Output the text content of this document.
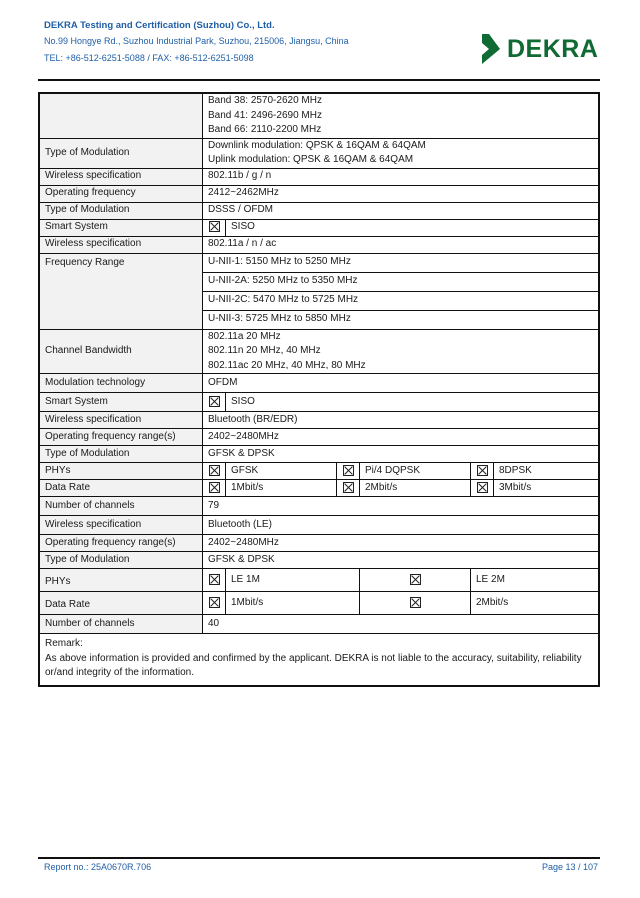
DEKRA Testing and Certification (Suzhou) Co., Ltd.

No.99 Hongye Rd., Suzhou Industrial Park, Suzhou, 215006, Jiangsu, China

TEL: +86-512-6251-5088 / FAX: +86-512-6251-5098	DEKRA

	Band 38: 2570-2620 MHz
Band 41: 2496-2690 MHz
Band 66: 2110-2200 MHz					

Type of Modulation	Downlink modulation: QPSK & 16QAM & 64QAM
Uplink modulation: QPSK & 16QAM & 64QAM					

Wireless specification	802.11b / g / n					
Operating frequency	2412~2462MHz					
Type of Modulation	DSSS / OFDM					
Smart System		SISO				
Wireless specification	802.11a / n / ac					
Frequency Range	U-NII-1: 5150 MHz to 5250 MHz					
	U-NII-2A: 5250 MHz to 5350 MHz					
	U-NII-2C: 5470 MHz to 5725 MHz					
	U-NII-3: 5725 MHz to 5850 MHz					
Channel Bandwidth	802.11a 20 MHz
802.11n 20 MHz, 40 MHz
802.11ac 20 MHz, 40 MHz, 80 MHz					

Modulation technology	OFDM					
Smart System		SISO				
Wireless specification	Bluetooth (BR/EDR)					
Operating frequency range(s)	2402~2480MHz					
Type of Modulation	GFSK & DPSK					
PHYs		GFSK		Pi/4 DQPSK		8DPSK
Data Rate		1Mbit/s		2Mbit/s		3Mbit/s
Number of channels	79					
Wireless specification	Bluetooth (LE)					
Operating frequency range(s)	2402~2480MHz					
Type of Modulation	GFSK & DPSK					
PHYs		LE 1M			LE 2M	
Data Rate		1Mbit/s			2Mbit/s	
Number of channels	40					

Remark:
As above information is provided and confirmed by the applicant. DEKRA is not liable to the accuracy, suitability, reliability or/and integrity of the information.						
Report no.: 25A0670R.706	Page 13 / 107
